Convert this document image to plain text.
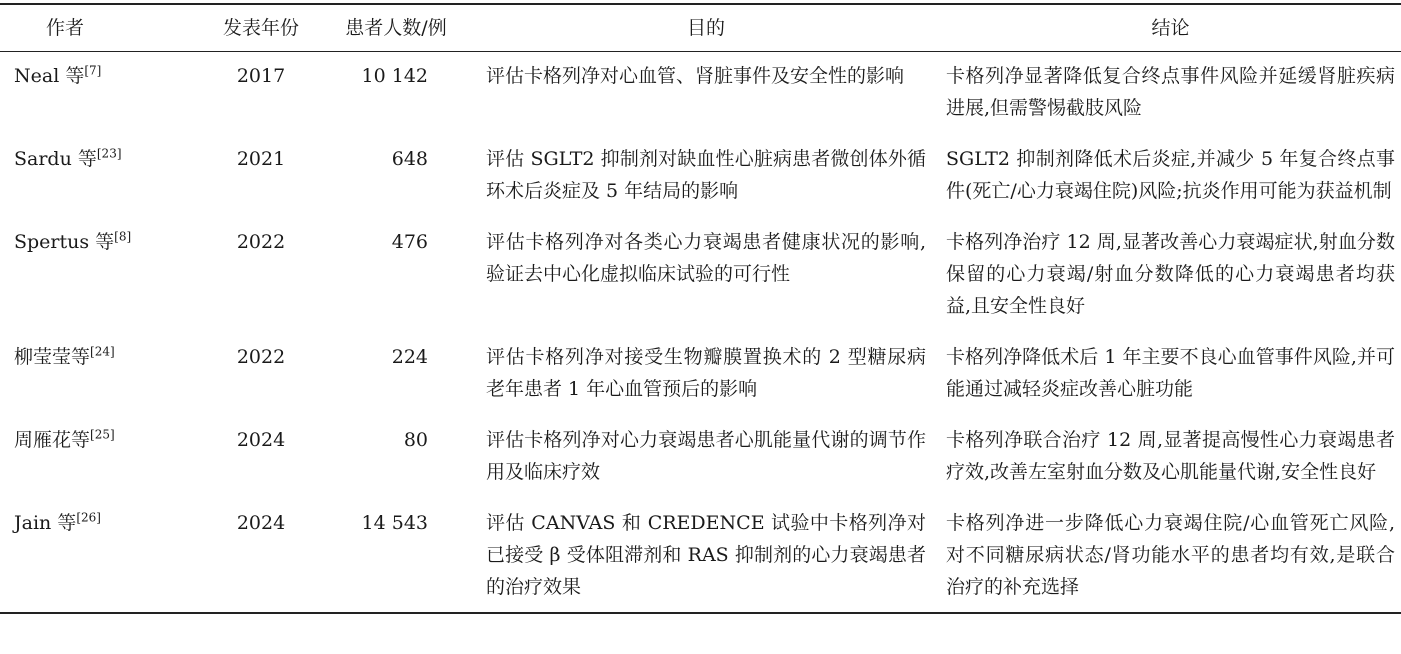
作者	发表年份	患者人数/例	目的	结论
Neal 等[7]	2017	10 142	评估卡格列净对心血管、肾脏事件及安全性的影响	卡格列净显著降低复合终点事件风险并延缓肾脏疾病进展,但需警惕截肢风险
Sardu 等[23]	2021	648	评估 SGLT2 抑制剂对缺血性心脏病患者微创体外循环术后炎症及 5 年结局的影响	SGLT2 抑制剂降低术后炎症,并减少 5 年复合终点事件(死亡/心力衰竭住院)风险;抗炎作用可能为获益机制
Spertus 等[8]	2022	476	评估卡格列净对各类心力衰竭患者健康状况的影响,验证去中心化虚拟临床试验的可行性	卡格列净治疗 12 周,显著改善心力衰竭症状,射血分数保留的心力衰竭/射血分数降低的心力衰竭患者均获益,且安全性良好
柳莹莹等[24]	2022	224	评估卡格列净对接受生物瓣膜置换术的 2 型糖尿病老年患者 1 年心血管预后的影响	卡格列净降低术后 1 年主要不良心血管事件风险,并可能通过减轻炎症改善心脏功能
周雁花等[25]	2024	80	评估卡格列净对心力衰竭患者心肌能量代谢的调节作用及临床疗效	卡格列净联合治疗 12 周,显著提高慢性心力衰竭患者疗效,改善左室射血分数及心肌能量代谢,安全性良好
Jain 等[26]	2024	14 543	评估 CANVAS 和 CREDENCE 试验中卡格列净对已接受 β 受体阻滞剂和 RAS 抑制剂的心力衰竭患者的治疗效果	卡格列净进一步降低心力衰竭住院/心血管死亡风险,对不同糖尿病状态/肾功能水平的患者均有效,是联合治疗的补充选择
